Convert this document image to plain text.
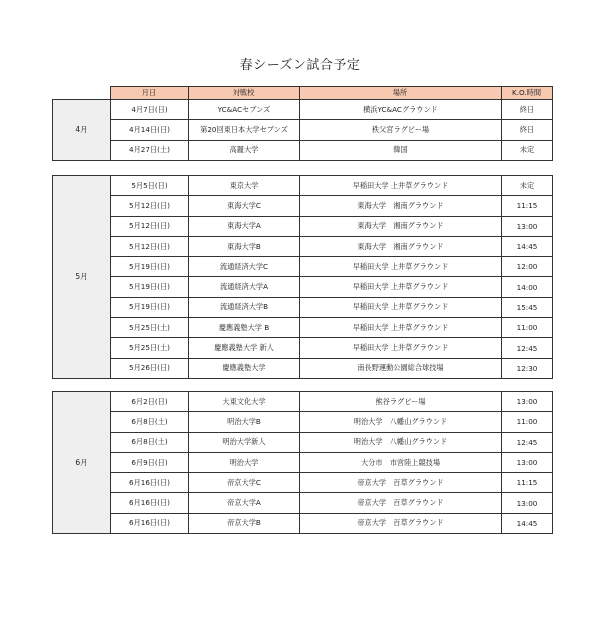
春シーズン試合予定
	月日	対戦校	場所	K.O.時間
4月	4月7日(日)	YC&ACセブンズ	横浜YC&ACグラウンド	終日
	4月14日(日)	第20回東日本大学セブンズ	秩父宮ラグビー場	終日
	4月27日(土)	高麗大学	韓国	未定
5月	5月5日(日)	東京大学	早稲田大学 上井草グラウンド	未定
	5月12日(日)	東海大学C	東海大学　湘南グラウンド	11:15
	5月12日(日)	東海大学A	東海大学　湘南グラウンド	13:00
	5月12日(日)	東海大学B	東海大学　湘南グラウンド	14:45
	5月19日(日)	流通経済大学C	早稲田大学 上井草グラウンド	12:00
	5月19日(日)	流通経済大学A	早稲田大学 上井草グラウンド	14:00
	5月19日(日)	流通経済大学B	早稲田大学 上井草グラウンド	15:45
	5月25日(土)	慶應義塾大学 B	早稲田大学 上井草グラウンド	11:00
	5月25日(土)	慶應義塾大学 新人	早稲田大学 上井草グラウンド	12:45
	5月26日(日)	慶應義塾大学	南長野運動公園総合球技場	12:30
6月	6月2日(日)	大東文化大学	熊谷ラグビー場	13:00
	6月8日(土)	明治大学B	明治大学　八幡山グラウンド	11:00
	6月8日(土)	明治大学新人	明治大学　八幡山グラウンド	12:45
	6月9日(日)	明治大学	大分市　市営陸上競技場	13:00
	6月16日(日)	帝京大学C	帝京大学　百草グラウンド	11:15
	6月16日(日)	帝京大学A	帝京大学　百草グラウンド	13:00
	6月16日(日)	帝京大学B	帝京大学　百草グラウンド	14:45
